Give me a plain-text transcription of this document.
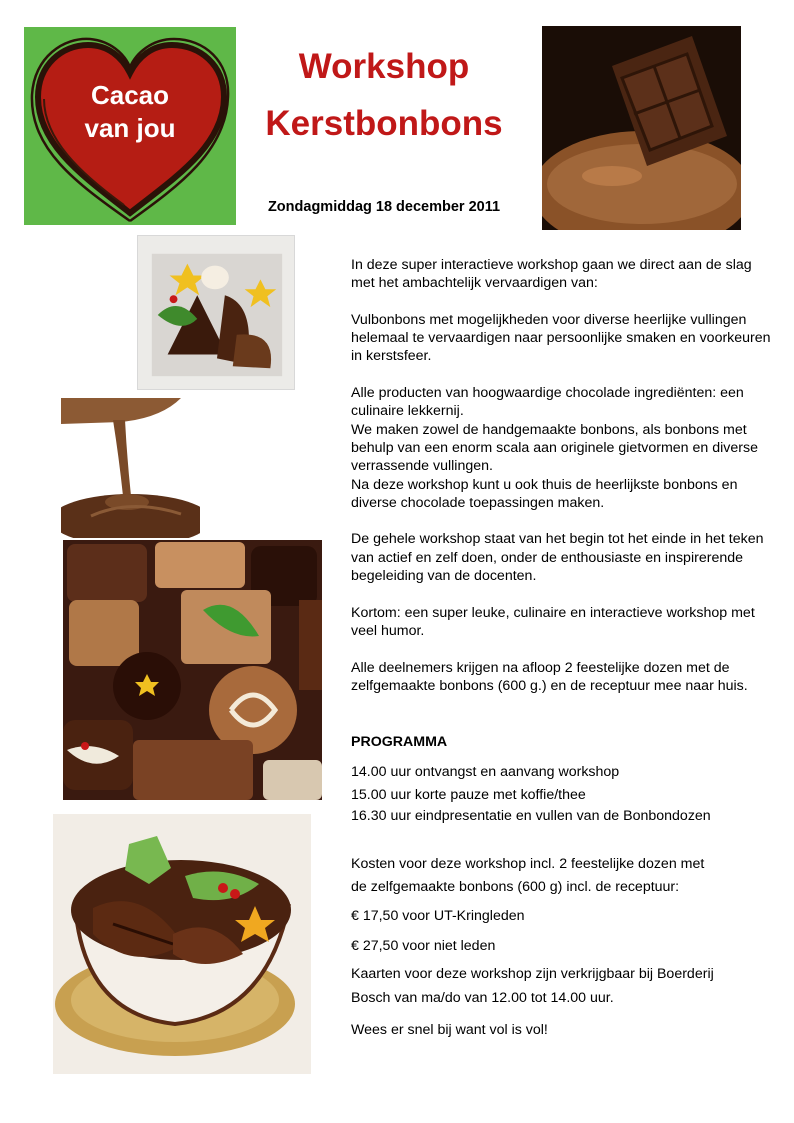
Cacao
van jou
Workshop
Kerstbonbons
Zondagmiddag 18 december 2011

In deze super interactieve workshop gaan we direct aan de slag met het ambachtelijk vervaardigen van:

Vulbonbons met mogelijkheden voor diverse heerlijke vullingen helemaal te vervaardigen naar persoonlijke smaken en voorkeuren in kerstsfeer.

Alle producten van hoogwaardige chocolade ingrediënten: een culinaire lekkernij.

We maken zowel de handgemaakte bonbons, als bonbons met behulp van een enorm scala aan originele gietvormen en diverse verrassende vullingen.

Na deze workshop kunt u ook thuis de heerlijkste bonbons en diverse chocolade toepassingen maken.

De gehele workshop staat van het begin tot het einde in het teken van actief en zelf doen, onder de enthousiaste en inspirerende begeleiding van de docenten.

Kortom: een super leuke, culinaire en interactieve workshop met veel humor.

Alle deelnemers krijgen na afloop 2 feestelijke dozen met de zelfgemaakte bonbons (600 g.) en de receptuur mee naar huis.

PROGRAMMA
14.00 uur ontvangst en aanvang workshop
15.00 uur korte pauze met koffie/thee
16.30 uur eindpresentatie en vullen van de Bonbondozen
Kosten voor deze workshop incl. 2 feestelijke dozen met
de zelfgemaakte bonbons (600 g) incl. de receptuur:
€ 17,50 voor UT-Kringleden
€ 27,50 voor niet leden
Kaarten voor deze workshop zijn verkrijgbaar bij Boerderij
Bosch van ma/do van 12.00 tot 14.00 uur.
Wees er snel bij want vol is vol!
